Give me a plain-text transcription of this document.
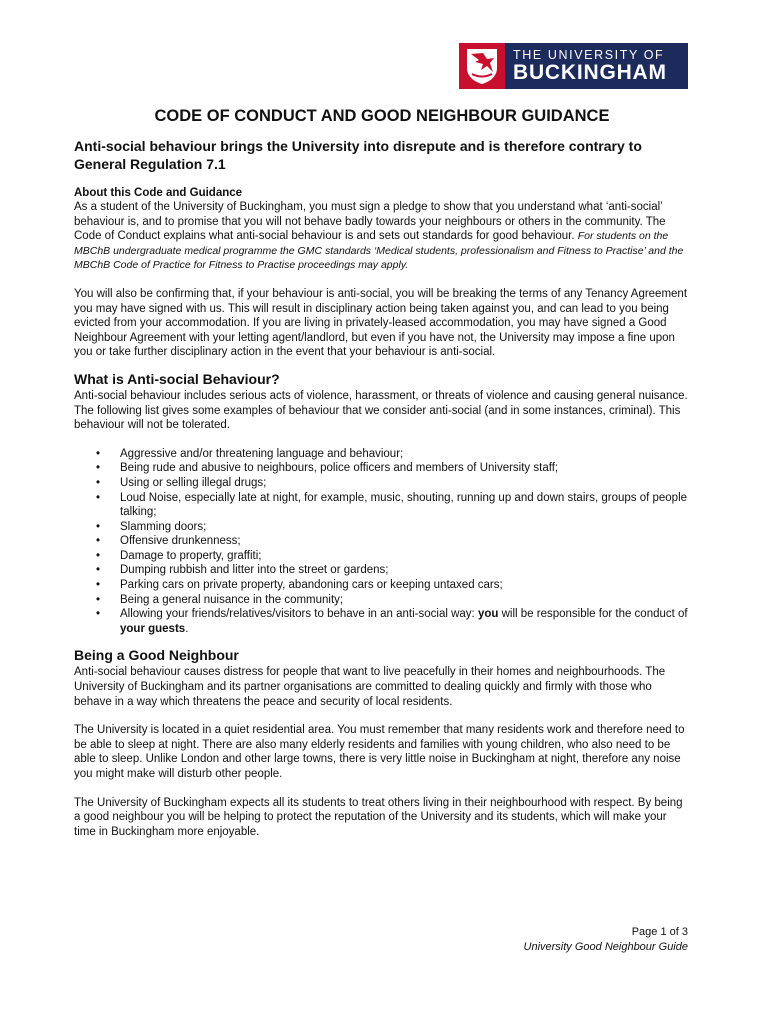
THE UNIVERSITY OF
BUCKINGHAM
CODE OF CONDUCT AND GOOD NEIGHBOUR GUIDANCE
Anti-social behaviour brings the University into disrepute and is therefore contrary to General Regulation 7.1
About this Code and Guidance

As a student of the University of Buckingham, you must sign a pledge to show that you understand what ‘anti-social’ behaviour is, and to promise that you will not behave badly towards your neighbours or others in the community. The Code of Conduct explains what anti-social behaviour is and sets out standards for good behaviour. For students on the MBChB undergraduate medical programme the GMC standards ‘Medical students, professionalism and Fitness to Practise’ and the MBChB Code of Practice for Fitness to Practise proceedings may apply.

You will also be confirming that, if your behaviour is anti-social, you will be breaking the terms of any Tenancy Agreement you may have signed with us. This will result in disciplinary action being taken against you, and can lead to you being evicted from your accommodation. If you are living in privately-leased accommodation, you may have signed a Good Neighbour Agreement with your letting agent/landlord, but even if you have not, the University may impose a fine upon you or take further disciplinary action in the event that your behaviour is anti-social.

What is Anti-social Behaviour?

Anti-social behaviour includes serious acts of violence, harassment, or threats of violence and causing general nuisance. The following list gives some examples of behaviour that we consider anti-social (and in some instances, criminal). This behaviour will not be tolerated.

• Aggressive and/or threatening language and behaviour;
• Being rude and abusive to neighbours, police officers and members of University staff;
• Using or selling illegal drugs;
• Loud Noise, especially late at night, for example, music, shouting, running up and down stairs, groups of people talking;
• Slamming doors;
• Offensive drunkenness;
• Damage to property, graffiti;
• Dumping rubbish and litter into the street or gardens;
• Parking cars on private property, abandoning cars or keeping untaxed cars;
• Being a general nuisance in the community;
• Allowing your friends/relatives/visitors to behave in an anti-social way: you will be responsible for the conduct of your guests.
Being a Good Neighbour

Anti-social behaviour causes distress for people that want to live peacefully in their homes and neighbourhoods. The University of Buckingham and its partner organisations are committed to dealing quickly and firmly with those who behave in a way which threatens the peace and security of local residents.

The University is located in a quiet residential area. You must remember that many residents work and therefore need to be able to sleep at night. There are also many elderly residents and families with young children, who also need to be able to sleep. Unlike London and other large towns, there is very little noise in Buckingham at night, therefore any noise you might make will disturb other people.

The University of Buckingham expects all its students to treat others living in their neighbourhood with respect. By being a good neighbour you will be helping to protect the reputation of the University and its students, which will make your time in Buckingham more enjoyable.

Page 1 of 3
University Good Neighbour Guide
